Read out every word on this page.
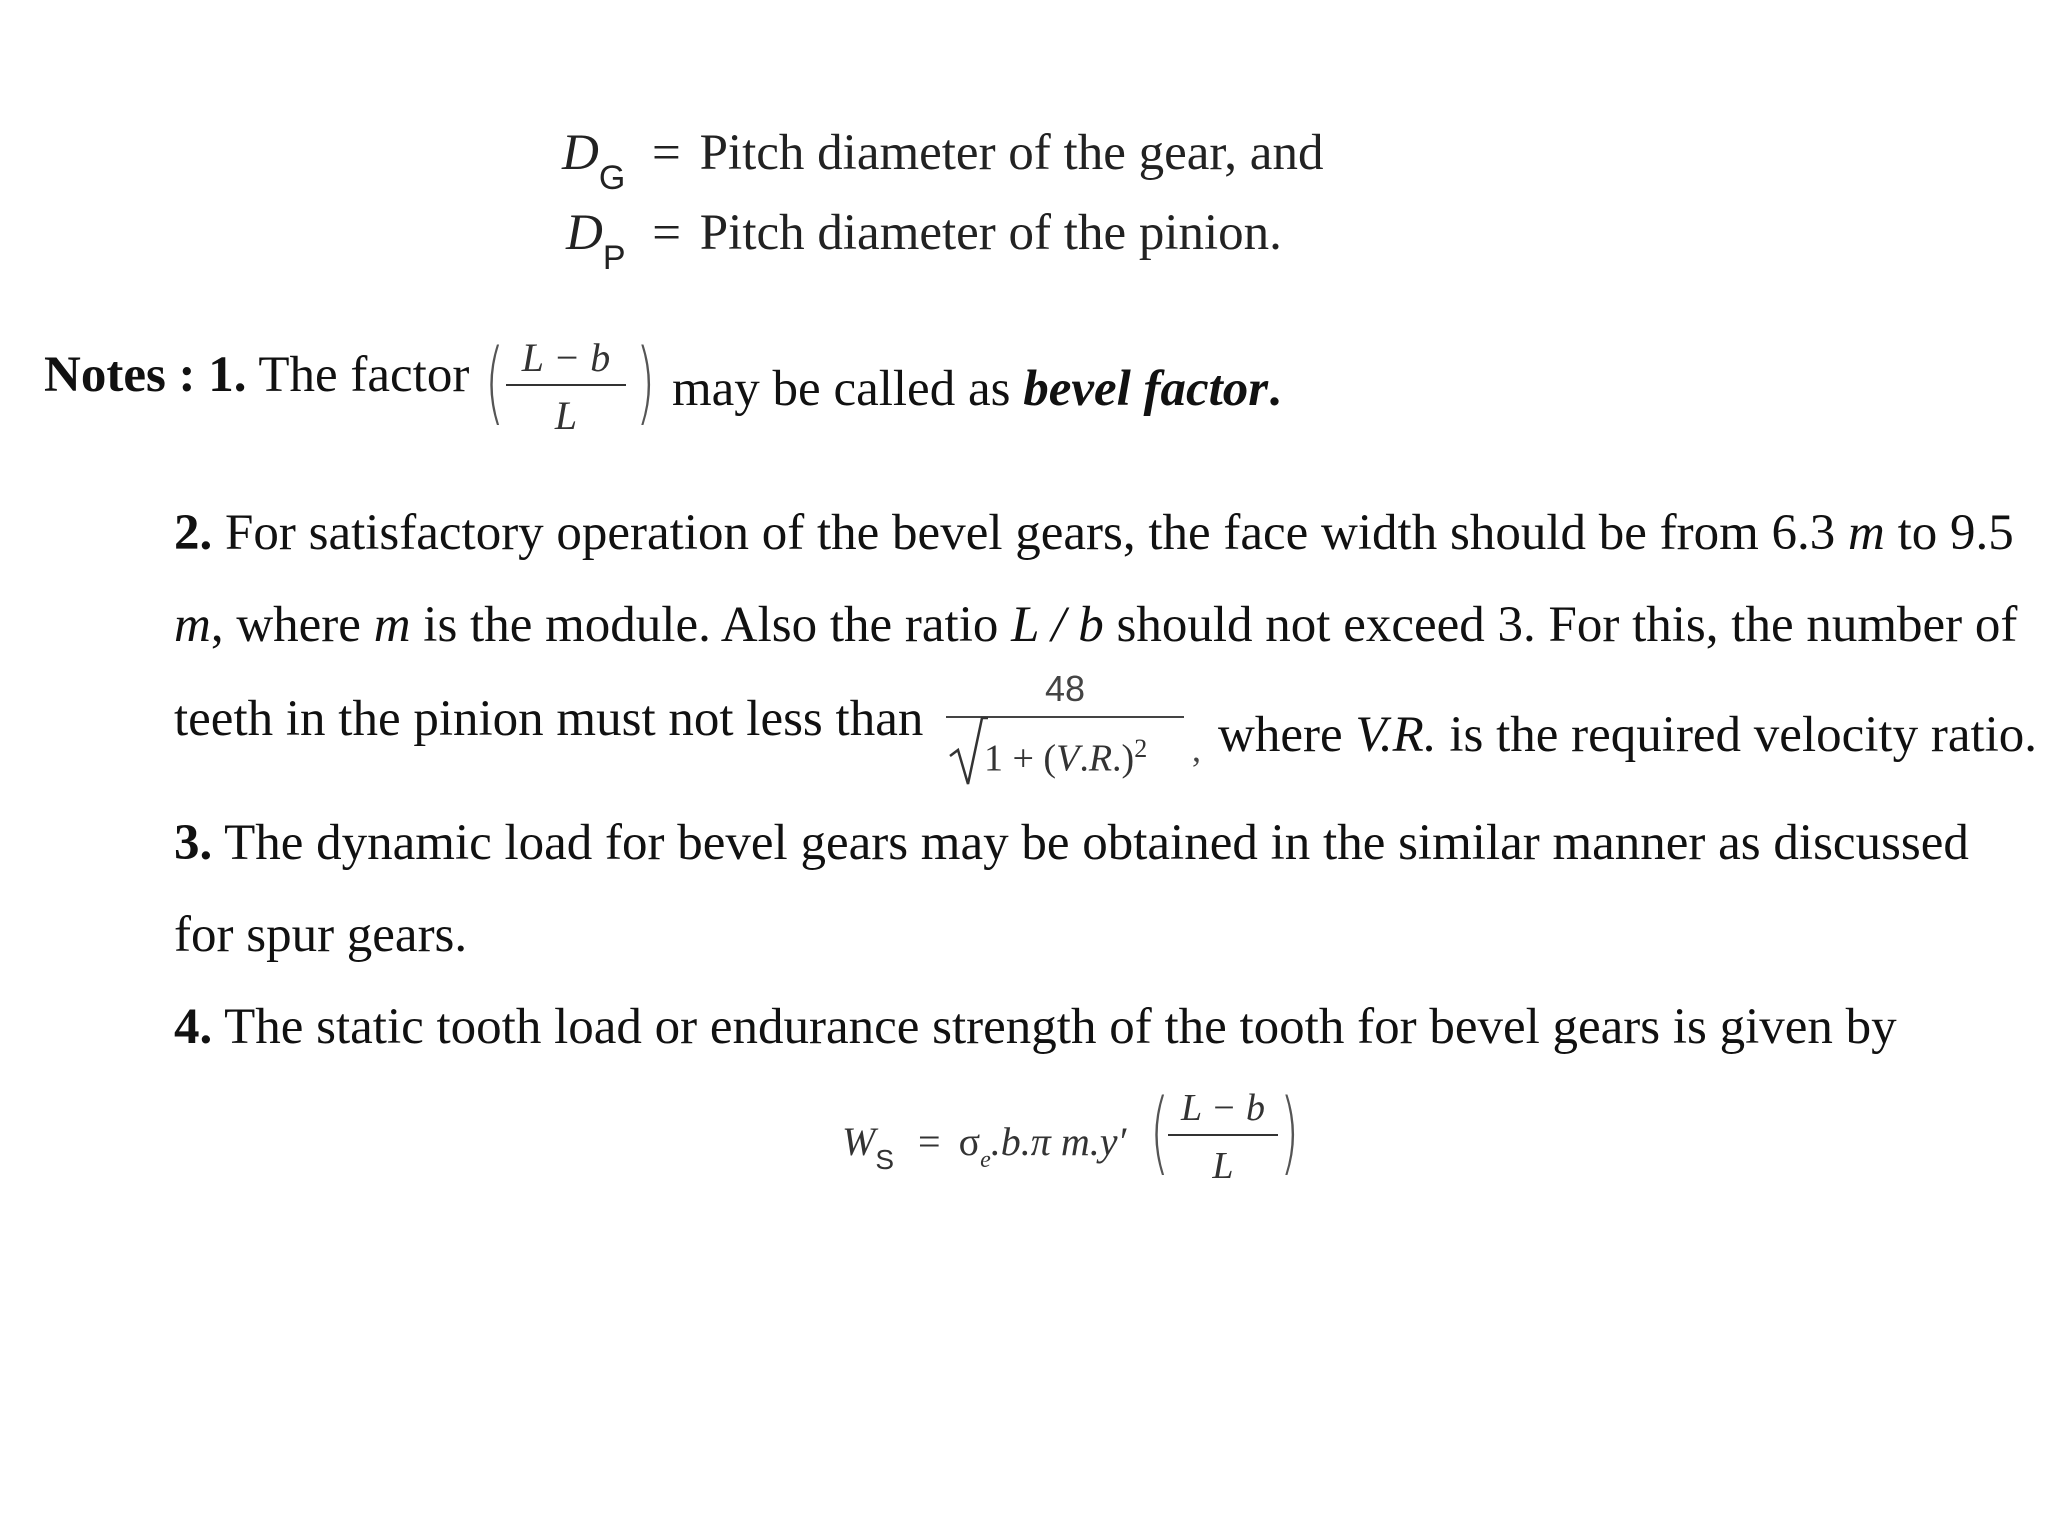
$D_G$ = Pitch diameter of the gear, and
$D_P$ = Pitch diameter of the pinion.
Notes : 1. The factor ( L − b
L ) may be called as bevel factor.
2. For satisfactory operation of the bevel gears, the face width should be from 6.3 m to 9.5
m, where m is the module. Also the ratio L / b should not exceed 3. For this, the number of
teeth in the pinion must not less than
48
$1 + (V.R.)^2$	, where V.R. is the required velocity ratio.
3. The dynamic load for bevel gears may be obtained in the similar manner as discussed
for spur gears.
4. The static tooth load or endurance strength of the tooth for bevel gears is given by
$W_S = \sigma_e.b.\pi$ m.y′ ( L − b
L )
